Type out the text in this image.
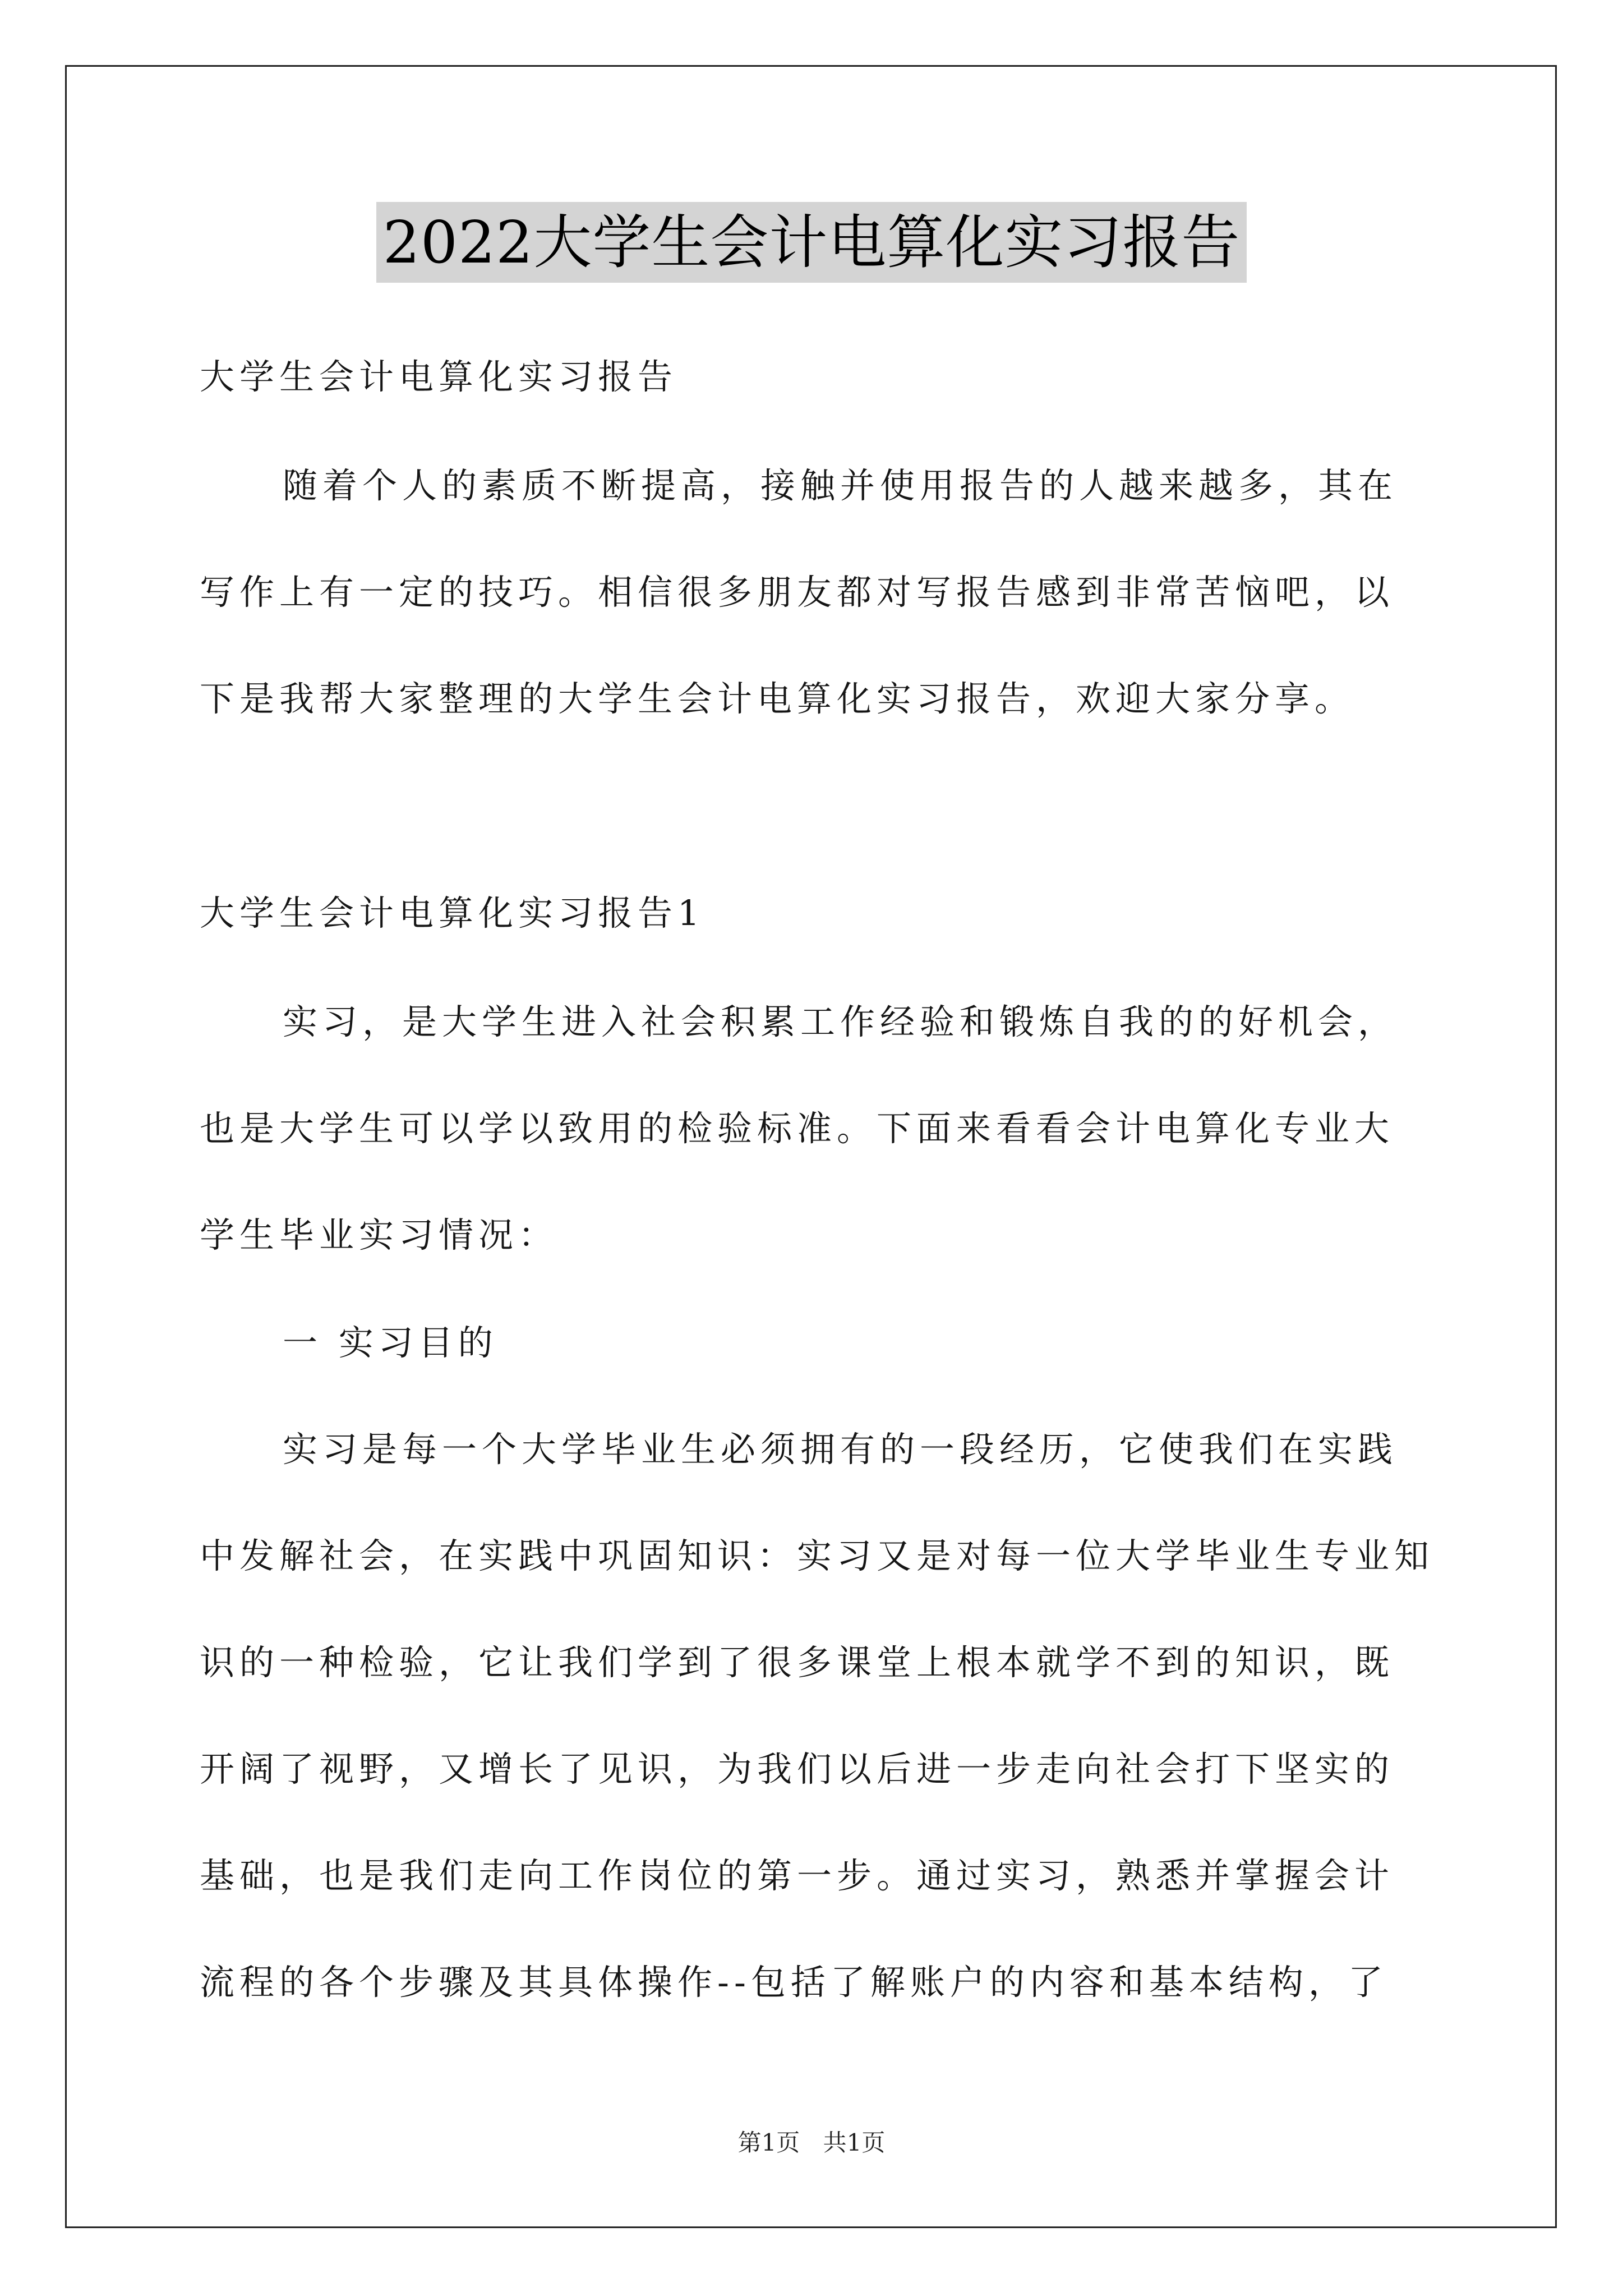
2022大学生会计电算化实习报告
大学生会计电算化实习报告
随着个人的素质不断提高，接触并使用报告的人越来越多，其在
写作上有一定的技巧。相信很多朋友都对写报告感到非常苦恼吧，以
下是我帮大家整理的大学生会计电算化实习报告，欢迎大家分享。
大学生会计电算化实习报告1
实习，是大学生进入社会积累工作经验和锻炼自我的的好机会，
也是大学生可以学以致用的检验标准。下面来看看会计电算化专业大
学生毕业实习情况：
一 实习目的
实习是每一个大学毕业生必须拥有的一段经历，它使我们在实践
中发解社会，在实践中巩固知识：实习又是对每一位大学毕业生专业知
识的一种检验，它让我们学到了很多课堂上根本就学不到的知识，既
开阔了视野，又增长了见识，为我们以后进一步走向社会打下坚实的
基础，也是我们走向工作岗位的第一步。通过实习，熟悉并掌握会计
流程的各个步骤及其具体操作--包括了解账户的内容和基本结构，了
第1页 共1页
